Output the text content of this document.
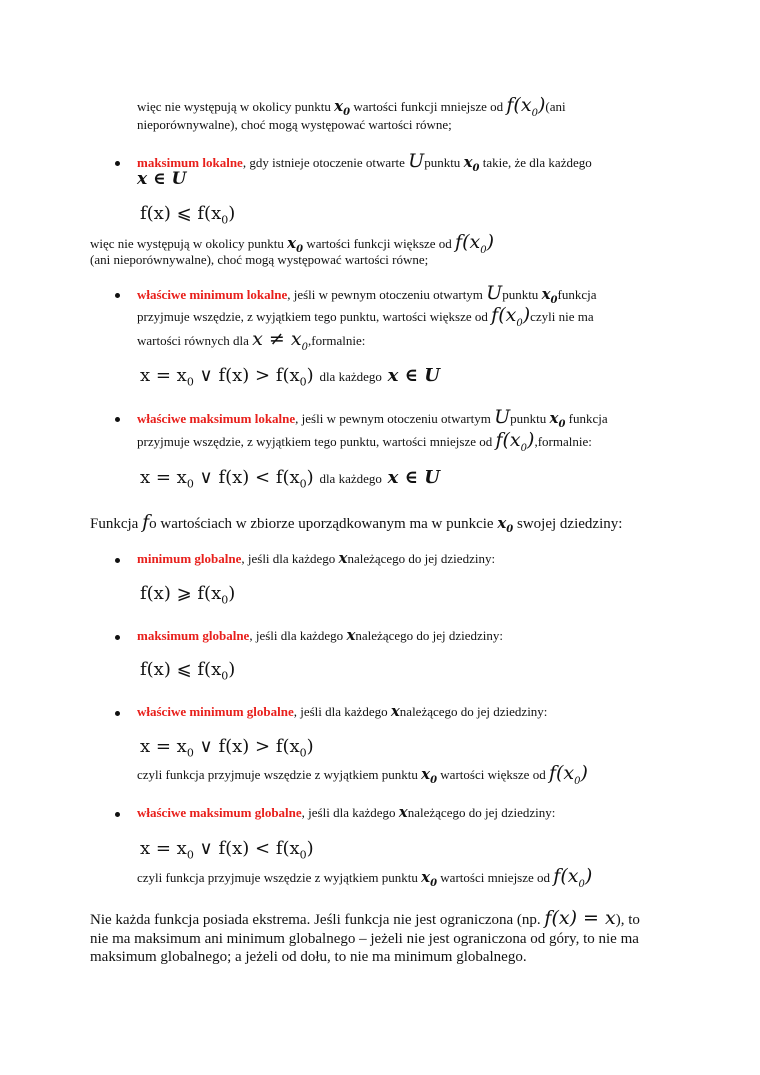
więc nie występują w okolicy punktu $x_0$ wartości funkcji mniejsze od $f(x_0)(ani$
nieporównywalne), choć mogą występować wartości równe;
maksimum lokalne, gdy istnieje otoczenie otwarte Upunktu $x_0$ takie, że dla każdego
x ∈ U
f(x) ⩽ $f(x_0)$
więc nie występują w okolicy punktu $x_0$ wartości funkcji większe od $f(x_0)$
(ani nieporównywalne), choć mogą występować wartości równe;
właściwe minimum lokalne, jeśli w pewnym otoczeniu otwartym Upunktu $x_0funkcja$
przyjmuje wszędzie, z wyjątkiem tego punktu, wartości większe od $f(x_0)czyli$ nie ma
wartości równych dla $x \ne x_0,formalnie$:
$x = x_0$ ∨ $f(x) > f(x_0)$ dla każdego x ∈ U
właściwe maksimum lokalne, jeśli w pewnym otoczeniu otwartym Upunktu $x_0$ funkcja
przyjmuje wszędzie, z wyjątkiem tego punktu, wartości mniejsze od $f(x_0),formalnie$:
$x = x_0$ ∨ $f(x) < f(x_0)$ dla każdego x ∈ U
Funkcja fo wartościach w zbiorze uporządkowanym ma w punkcie $x_0$ swojej dziedziny:
minimum globalne, jeśli dla każdego xnależącego do jej dziedziny:
f(x) ⩾ $f(x_0)$
maksimum globalne, jeśli dla każdego xnależącego do jej dziedziny:
f(x) ⩽ $f(x_0)$
właściwe minimum globalne, jeśli dla każdego xnależącego do jej dziedziny:
$x = x_0$ ∨ $f(x) > f(x_0)$
czyli funkcja przyjmuje wszędzie z wyjątkiem punktu $x_0$ wartości większe od $f(x_0)$
właściwe maksimum globalne, jeśli dla każdego xnależącego do jej dziedziny:
$x = x_0$ ∨ $f(x) < f(x_0)$
czyli funkcja przyjmuje wszędzie z wyjątkiem punktu $x_0$ wartości mniejsze od $f(x_0)$
Nie każda funkcja posiada ekstrema. Jeśli funkcja nie jest ograniczona (np. f(x) = x), to
nie ma maksimum ani minimum globalnego – jeżeli nie jest ograniczona od góry, to nie ma
maksimum globalnego; a jeżeli od dołu, to nie ma minimum globalnego.
